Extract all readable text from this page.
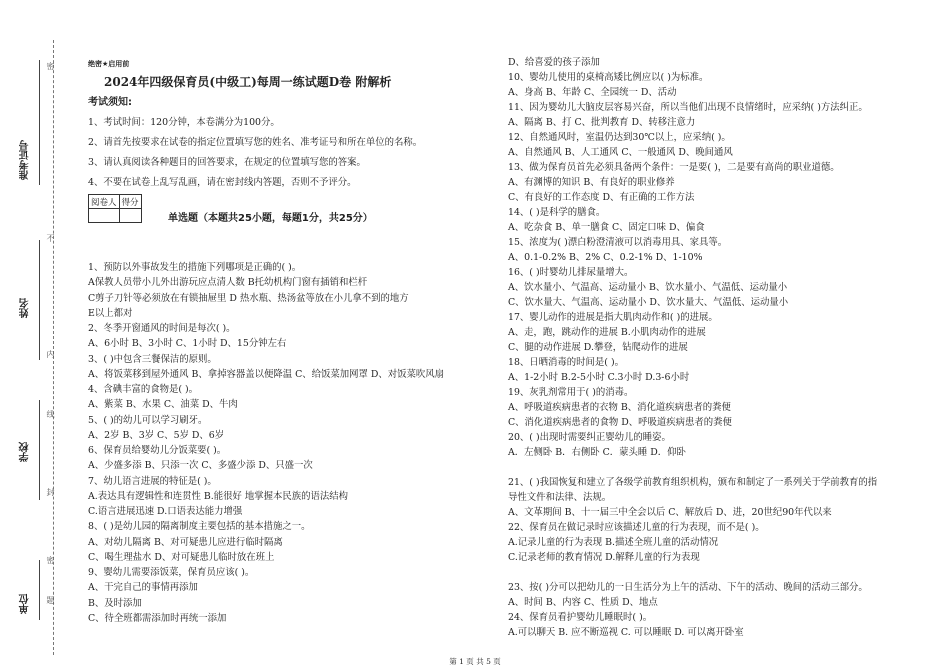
准考证号
姓名
学校
单位
密
不
内
线
封
密
题
绝密★启用前
2024年四级保育员(中级工)每周一练试题D卷 附解析
考试须知:
1、考试时间：120分钟，本卷满分为100分。
2、请首先按要求在试卷的指定位置填写您的姓名、准考证号和所在单位的名称。
3、请认真阅读各种题目的回答要求，在规定的位置填写您的答案。
4、不要在试卷上乱写乱画，请在密封线内答题，否则不予评分。
阅卷人	得分

单选题（本题共25小题，每题1分，共25分）
1、预防以外事故发生的措施下列哪项是正确的( )。
A保教人员带小儿外出游玩应点清人数 B托幼机构门窗有插销和栏杆
C剪子刀针等必须放在有锁抽屉里 D 热水瓶、热汤盆等放在小儿拿不到的地方
E以上都对
2、冬季开窗通风的时间是每次( )。
A、6小时 B、3小时 C、1小时 D、15分钟左右
3、( )中包含三餐保洁的原则。
A、将饭菜移到屋外通风 B、拿掉容器盖以便降温 C、给饭菜加网罩 D、对饭菜吹风扇
4、含碘丰富的食物是( )。
A、紫菜 B、水果 C、油菜 D、牛肉
5、( )的幼儿可以学习刷牙。
A、2岁 B、3岁 C、5岁 D、6岁
6、保育员给婴幼儿分饭菜要( )。
A、少盛多添 B、只添一次 C、多盛少添 D、只盛一次
7、幼儿语言进展的特征是( )。
A.表达具有逻辑性和连贯性 B.能很好 地掌握本民族的语法结构
C.语言进展迅速 D.口语表达能力增强
8、( )是幼儿园的隔离制度主要包括的基本措施之一。
A、对幼儿隔离 B、对可疑患儿应进行临时隔离
C、喝生理盐水 D、对可疑患儿临时放在班上
9、婴幼儿需要添饭菜，保育员应该( )。
A、干完自己的事情再添加
B、及时添加
C、待全班都需添加时再统一添加
D、给喜爱的孩子添加
10、婴幼儿使用的桌椅高矮比例应以( )为标准。
A、身高 B、年龄 C、全园统一 D、活动
11、因为婴幼儿大脑皮层容易兴奋，所以当他们出现不良情绪时，应采纳( )方法纠正。
A、隔离 B、打 C、批判教育 D、转移注意力
12、自然通风时，室温仍达到30℃以上，应采纳( )。
A、自然通风 B、人工通风 C、一般通风 D、晚间通风
13、做为保育员首先必须具备两个条件：一是要( )，二是要有高尚的职业道德。
A、有渊博的知识 B、有良好的职业修养
C、有良好的工作态度 D、有正确的工作方法
14、( )是科学的膳食。
A、吃杂食 B、单一膳食 C、固定口味 D、偏食
15、浓度为( )漂白粉澄清液可以消毒用具、家具等。
A、0.1-0.2% B、2% C、0.2-1% D、1-10%
16、( )时婴幼儿排尿量增大。
A、饮水量小、气温高、运动量小 B、饮水量小、气温低、运动量小
C、饮水量大、气温高、运动量小 D、饮水量大、气温低、运动量小
17、婴儿动作的进展是指大肌肉动作和( )的进展。
A、走，跑，跳动作的进展 B.小肌肉动作的进展
C、腿的动作进展 D.攀登，钻爬动作的进展
18、日晒消毒的时间是( )。
A、1-2小时 B.2-5小时 C.3小时 D.3-6小时
19、灰乳剂常用于( )的消毒。
A、呼吸道疾病患者的衣物 B、消化道疾病患者的粪便
C、消化道疾病患者的食物 D、呼吸道疾病患者的粪便
20、( )出现时需要纠正婴幼儿的睡姿。
A．左侧卧 B．右侧卧 C．蒙头睡 D．仰卧
21、( )我国恢复和建立了各级学前教育组织机构，颁布和制定了一系列关于学前教育的指
导性文件和法律、法规。
A、文革期间 B、十一届三中全会以后 C、解放后 D、进，20世纪90年代以来
22、保育员在做记录时应该描述儿童的行为表现，而不是( )。
A.记录儿童的行为表现 B.描述全班儿童的活动情况
C.记录老师的教育情况 D.解释儿童的行为表现
23、按( )分可以把幼儿的一日生活分为上午的活动、下午的活动、晚间的活动三部分。
A、时间 B、内容 C、性质 D、地点
24、保育员看护婴幼儿睡眠时( )。
A.可以聊天 B. 应不断巡视 C. 可以睡眠 D. 可以离开卧室
第 1 页 共 5 页
